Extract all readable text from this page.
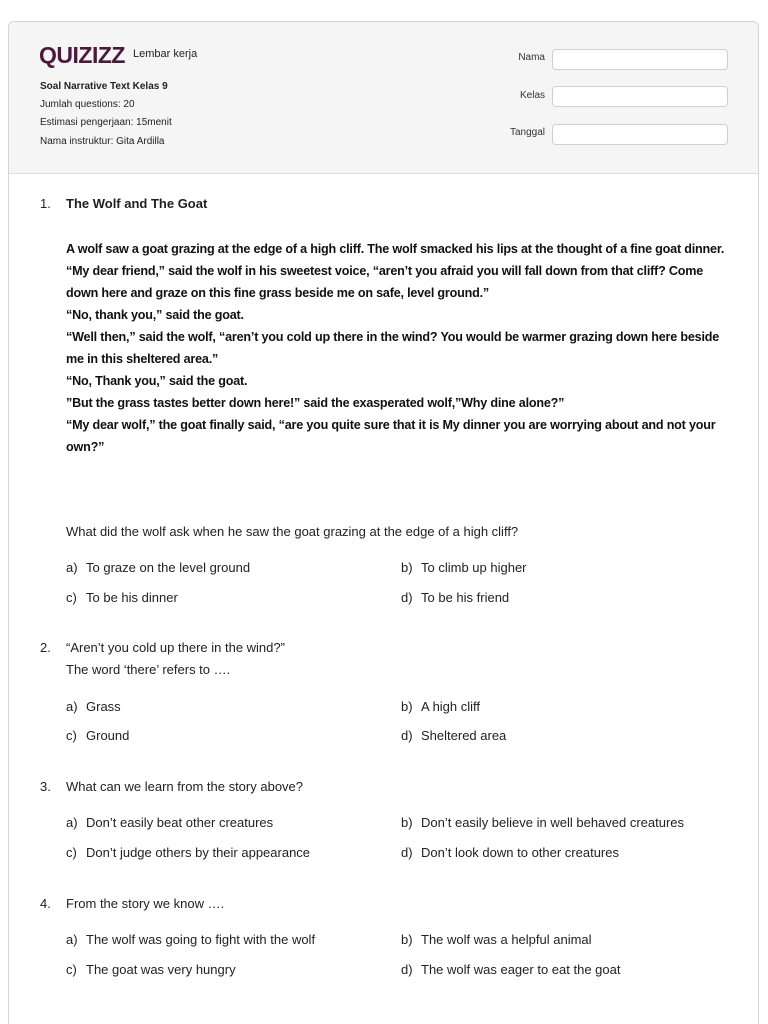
QUIZIZZ Lembar kerja
Soal Narrative Text Kelas 9
Jumlah questions: 20
Estimasi pengerjaan: 15menit
Nama instruktur: Gita Ardilla
Nama
Kelas
Tanggal
1. The Wolf and The Goat

A wolf saw a goat grazing at the edge of a high cliff. The wolf smacked his lips at the thought of a fine goat dinner.

“My dear friend,” said the wolf in his sweetest voice, “aren’t you afraid you will fall down from that cliff? Come down here and graze on this fine grass beside me on safe, level ground.”

“No, thank you,” said the goat.

“Well then,” said the wolf, “aren’t you cold up there in the wind? You would be warmer grazing down here beside me in this sheltered area.”

“No, Thank you,” said the goat.

”But the grass tastes better down here!” said the exasperated wolf,”Why dine alone?”

“My dear wolf,” the goat finally said, “are you quite sure that it is My dinner you are worrying about and not your own?”

What did the wolf ask when he saw the goat grazing at the edge of a high cliff?
a) To graze on the level ground	b) To climb up higher
c) To be his dinner	d) To be his friend
2. “Aren’t you cold up there in the wind?”
The word ‘there’ refers to ….
a) Grass	b) A high cliff
c) Ground	d) Sheltered area
3. What can we learn from the story above?
a) Don’t easily beat other creatures	b) Don’t easily believe in well behaved creatures
c) Don’t judge others by their appearance	d) Don’t look down to other creatures
4. From the story we know ….
a) The wolf was going to fight with the wolf	b) The wolf was a helpful animal
c) The goat was very hungry	d) The wolf was eager to eat the goat
